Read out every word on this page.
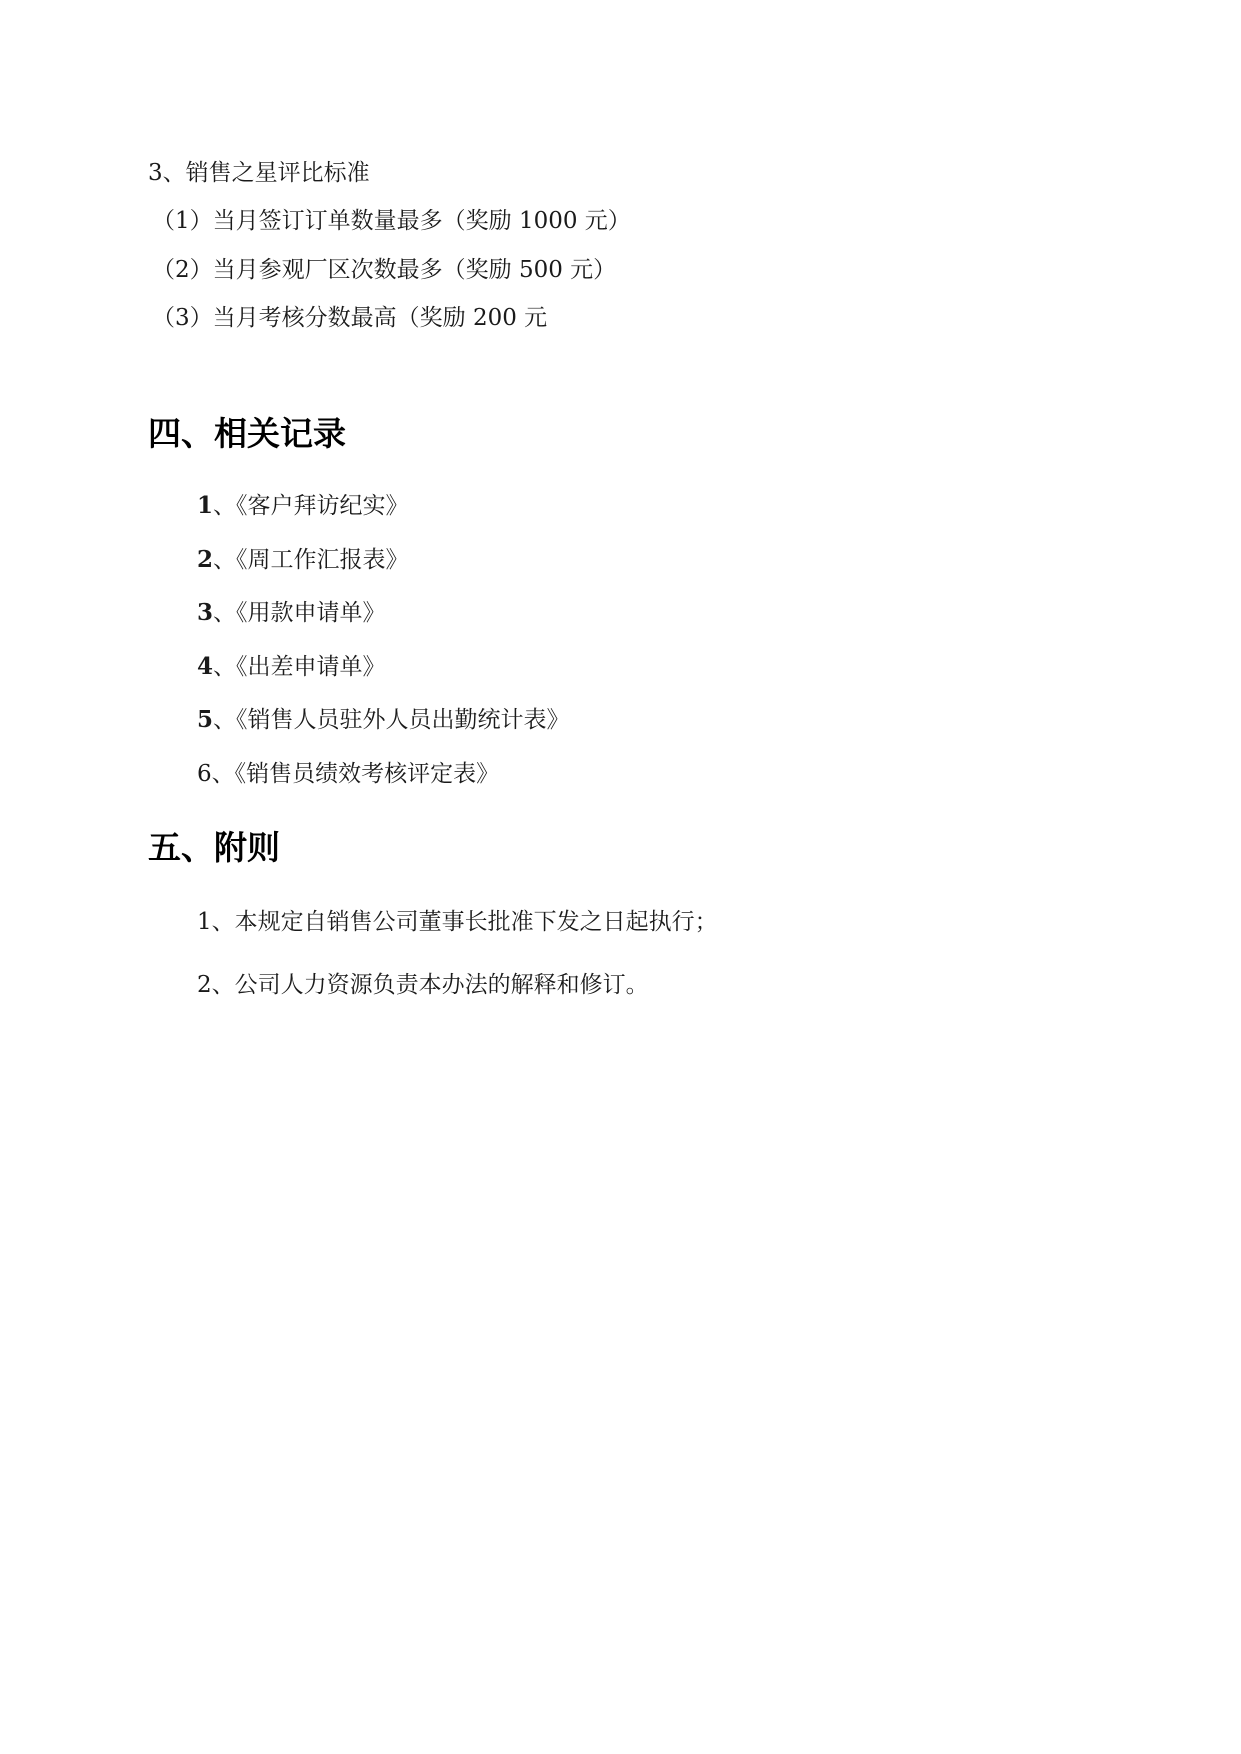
3、销售之星评比标准
（1）当月签订订单数量最多（奖励 1000 元）
（2）当月参观厂区次数最多（奖励 500 元）
（3）当月考核分数最高（奖励 200 元
四、相关记录
1、《客户拜访纪实》
2、《周工作汇报表》
3、《用款申请单》
4、《出差申请单》
5、《销售人员驻外人员出勤统计表》
6、《销售员绩效考核评定表》
五、附则
1、本规定自销售公司董事长批准下发之日起执行；
2、公司人力资源负责本办法的解释和修订。
